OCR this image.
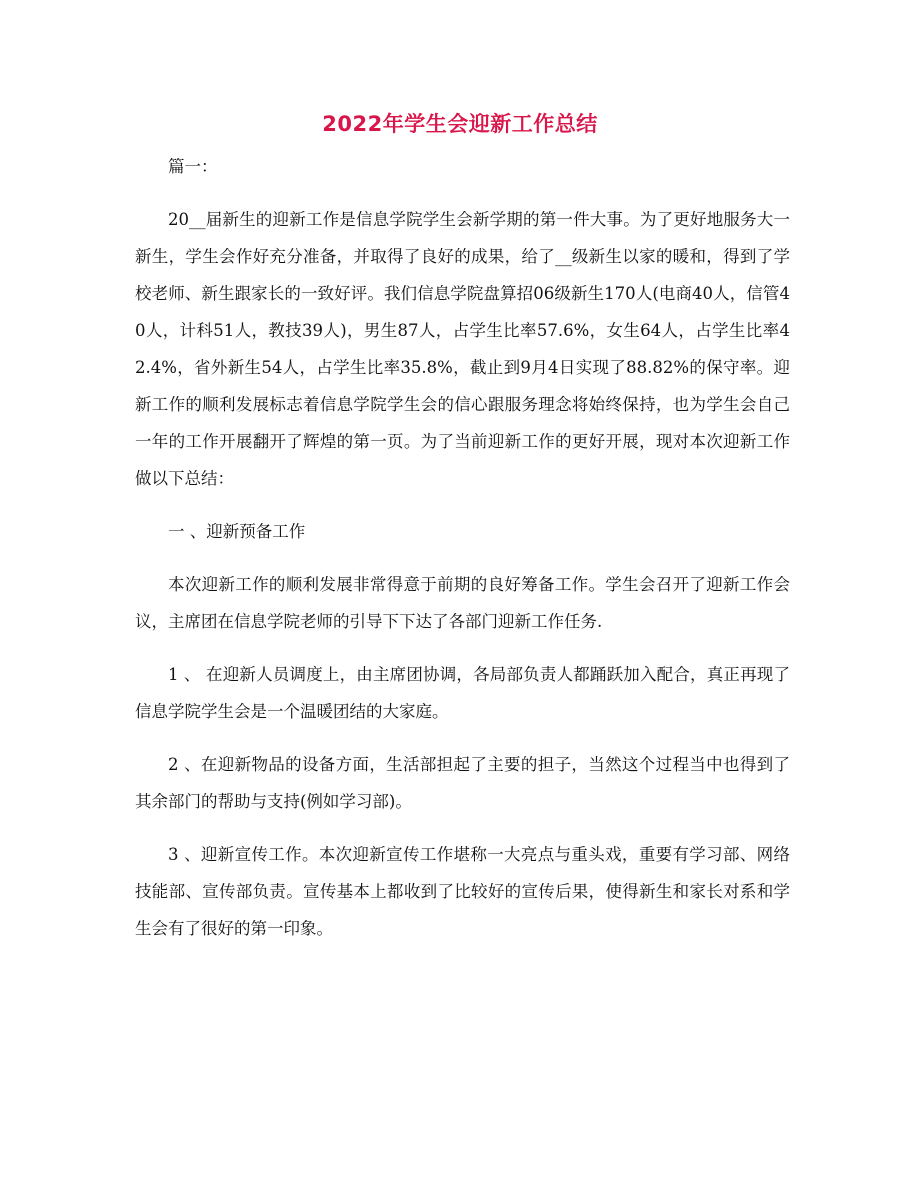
2022年学生会迎新工作总结

篇一：

20__届新生的迎新工作是信息学院学生会新学期的第一件大事。为了更好地服务大一新生，学生会作好充分准备，并取得了良好的成果，给了__级新生以家的暖和，得到了学校老师、新生跟家长的一致好评。我们信息学院盘算招06级新生170人(电商40人，信管40人，计科51人，教技39人)，男生87人，占学生比率57.6%，女生64人，占学生比率42.4%，省外新生54人，占学生比率35.8%，截止到9月4日实现了88.82%的保守率。迎新工作的顺利发展标志着信息学院学生会的信心跟服务理念将始终保持，也为学生会自己一年的工作开展翻开了辉煌的第一页。为了当前迎新工作的更好开展，现对本次迎新工作做以下总结：

一 、迎新预备工作

本次迎新工作的顺利发展非常得意于前期的良好筹备工作。学生会召开了迎新工作会议，主席团在信息学院老师的引导下下达了各部门迎新工作任务.

1 、 在迎新人员调度上，由主席团协调，各局部负责人都踊跃加入配合，真正再现了信息学院学生会是一个温暖团结的大家庭。

2 、在迎新物品的设备方面，生活部担起了主要的担子，当然这个过程当中也得到了其余部门的帮助与支持(例如学习部)。

3 、迎新宣传工作。本次迎新宣传工作堪称一大亮点与重头戏，重要有学习部、网络技能部、宣传部负责。宣传基本上都收到了比较好的宣传后果，使得新生和家长对系和学生会有了很好的第一印象。
